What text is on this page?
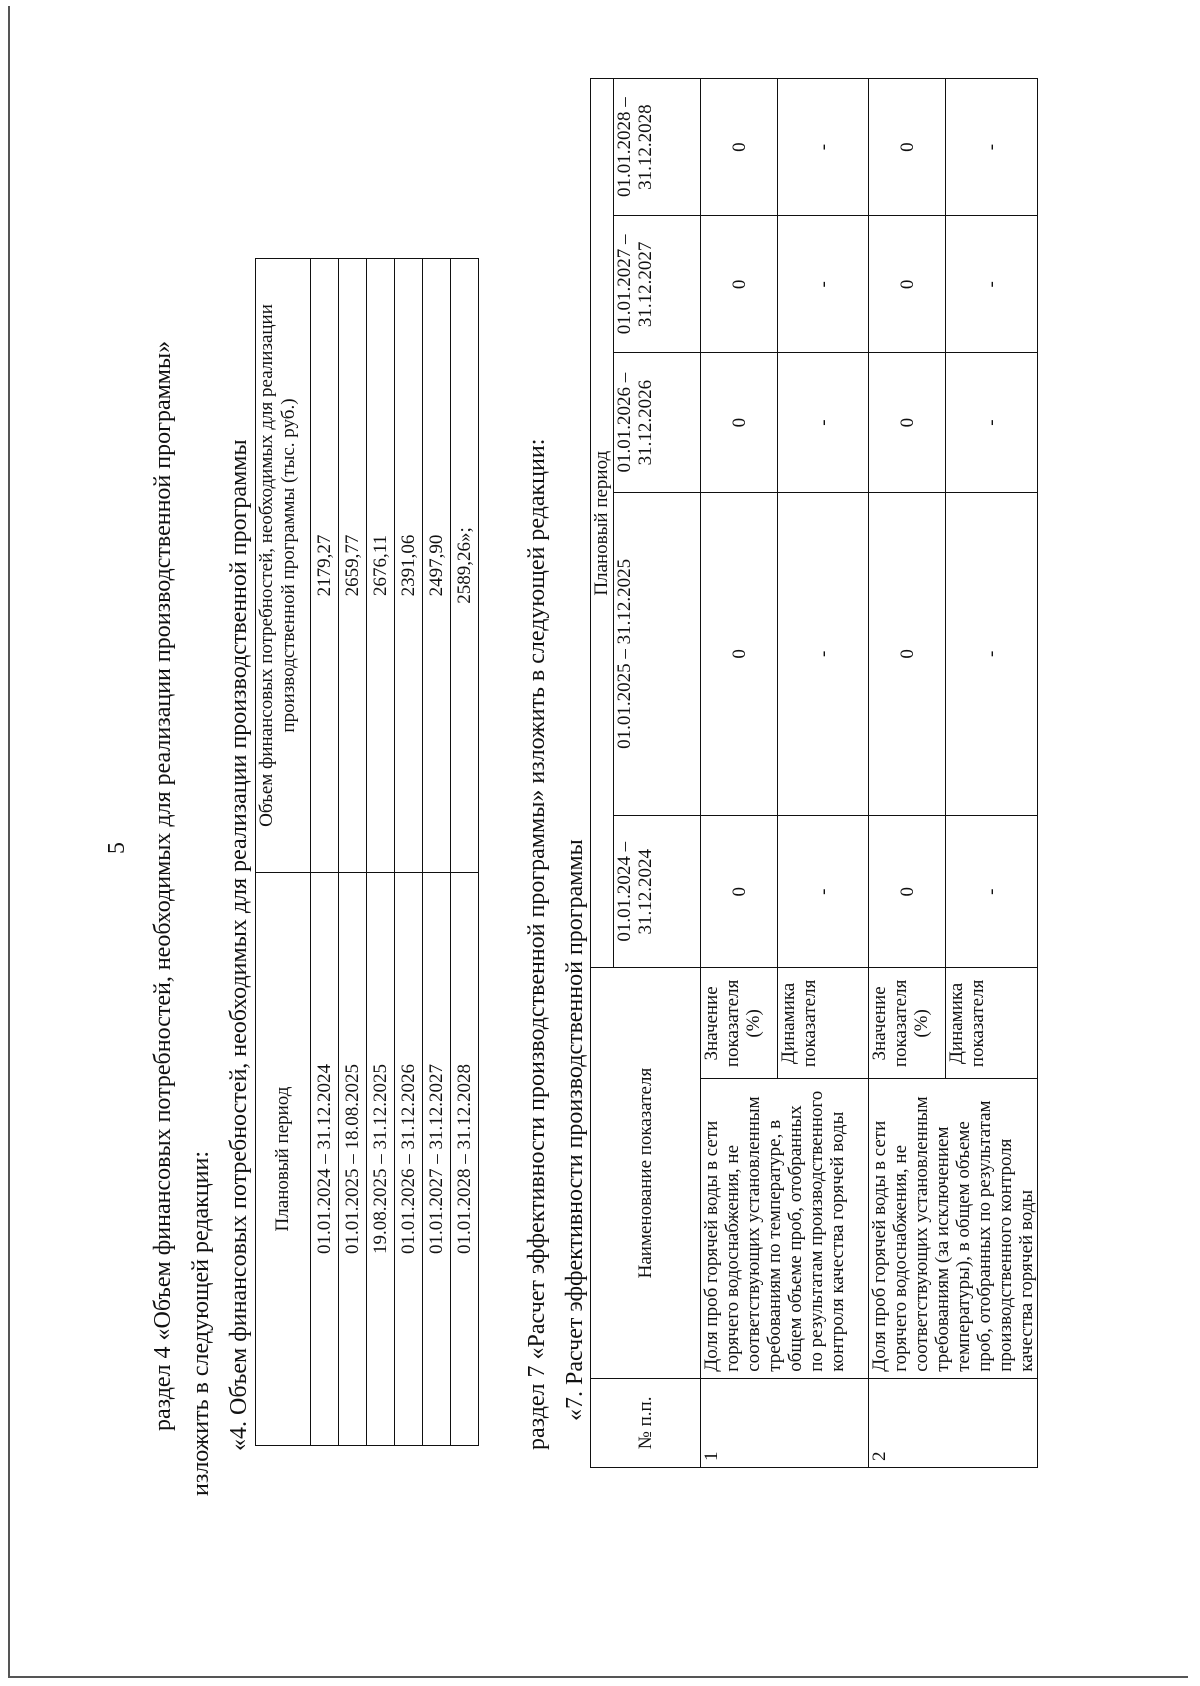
5 раздел 4 «Объем финансовых потребностей, необходимых для реализации производственной программы» изложить в следующей редакции: «4. Объем финансовых потребностей, необходимых для реализации производственной программы Плановый период	Объем финансовых потребностей, необходимых для реализации производственной программы (тыс. руб.)
01.01.2024 – 31.12.2024	2179,27
01.01.2025 – 18.08.2025	2659,77
19.08.2025 – 31.12.2025	2676,11
01.01.2026 – 31.12.2026	2391,06
01.01.2027 – 31.12.2027	2497,90
01.01.2028 – 31.12.2028	2589,26»; раздел 7 «Расчет эффективности производственной программы» изложить в следующей редакции: «7. Расчет эффективности производственной программы

№ п.п.	Наименование показателя		Плановый период				
			01.01.2024 – 31.12.2024	01.01.2025 – 31.12.2025	01.01.2026 – 31.12.2026	01.01.2027 – 31.12.2027	01.01.2028 – 31.12.2028
1	Доля проб горячей воды в сети горячего водоснабжения, не соответствующих установленным требованиям по температуре, в общем объеме проб, отобранных по результатам производственного контроля качества горячей воды	Значение показателя (%)	0	0	0	0	0
		Динамика показателя	-	-	-	-	-
2	Доля проб горячей воды в сети горячего водоснабжения, не соответствующих установленным требованиям (за исключением температуры), в общем объеме проб, отобранных по результатам производственного контроля качества горячей воды	Значение показателя (%)	0	0	0	0	0
		Динамика показателя	-	-	-	-	-
